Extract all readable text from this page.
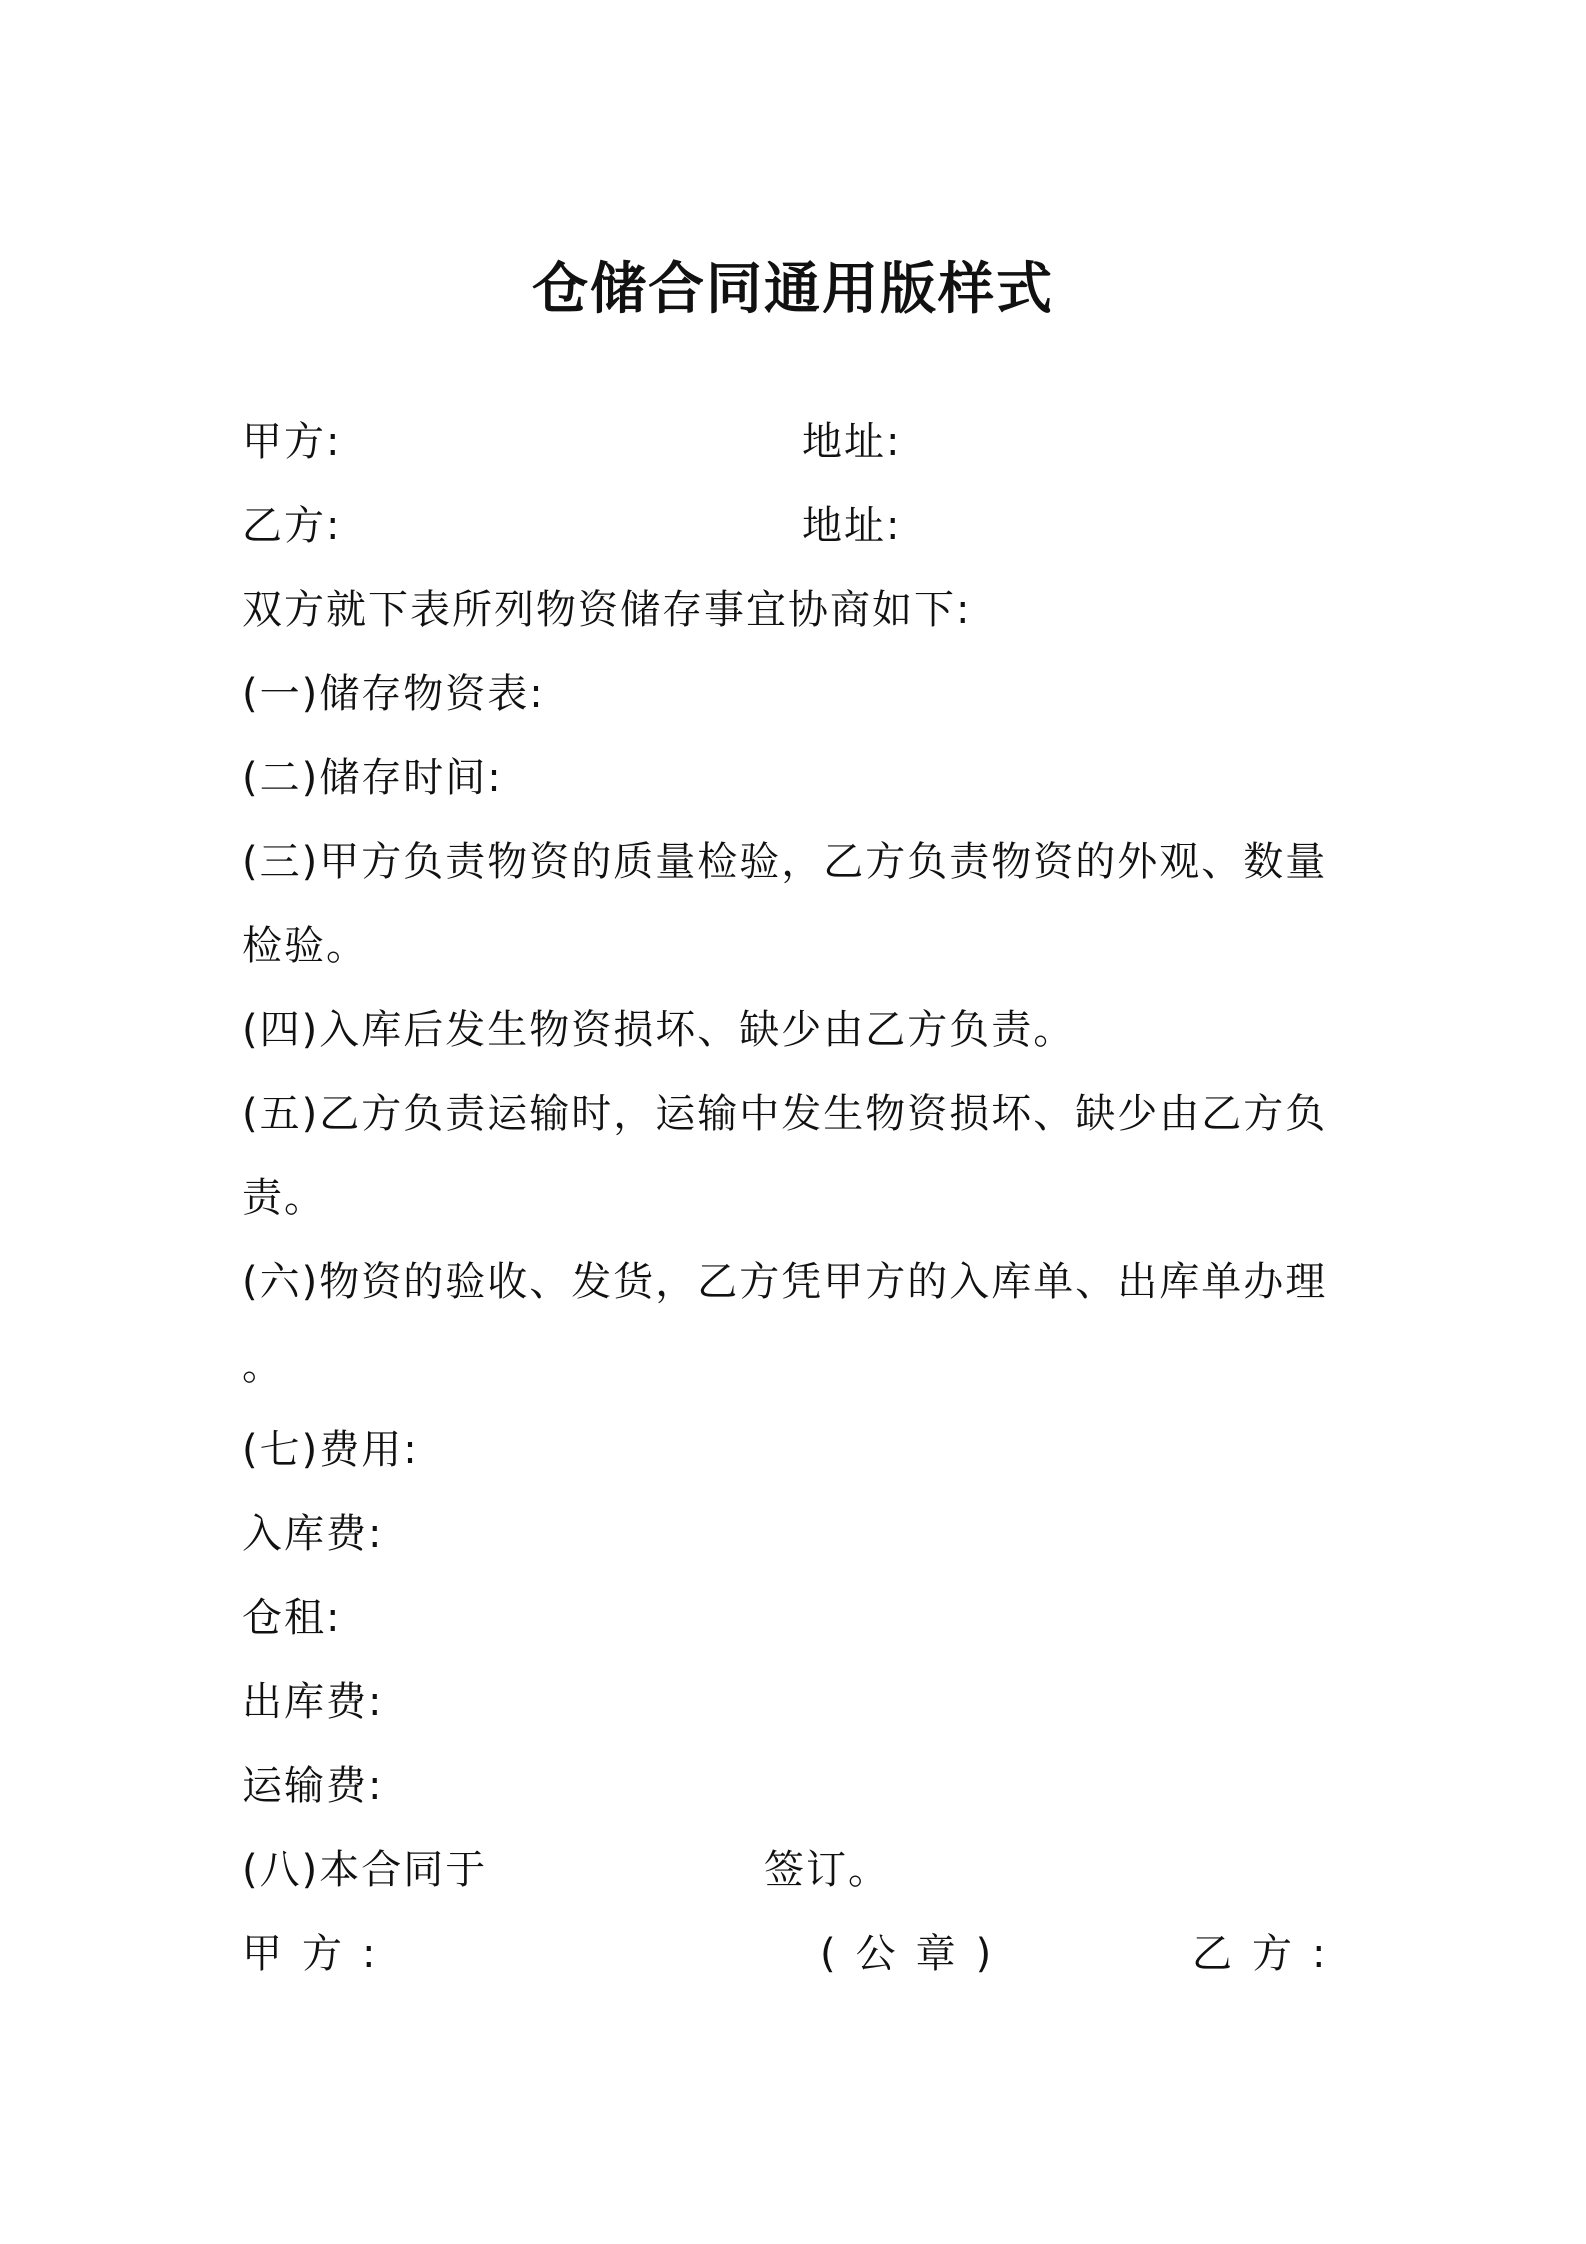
仓储合同通用版样式
甲方:	地址:
乙方:	地址:
双方就下表所列物资储存事宜协商如下:
(一)储存物资表:
(二)储存时间:
(三)甲方负责物资的质量检验，乙方负责物资的外观、数量
检验。
(四)入库后发生物资损坏、缺少由乙方负责。
(五)乙方负责运输时，运输中发生物资损坏、缺少由乙方负
责。
(六)物资的验收、发货，乙方凭甲方的入库单、出库单办理
。
(七)费用:
入库费:
仓租:
出库费:
运输费:
(八)本合同于	签订。
甲方:	(公章)	乙方:
